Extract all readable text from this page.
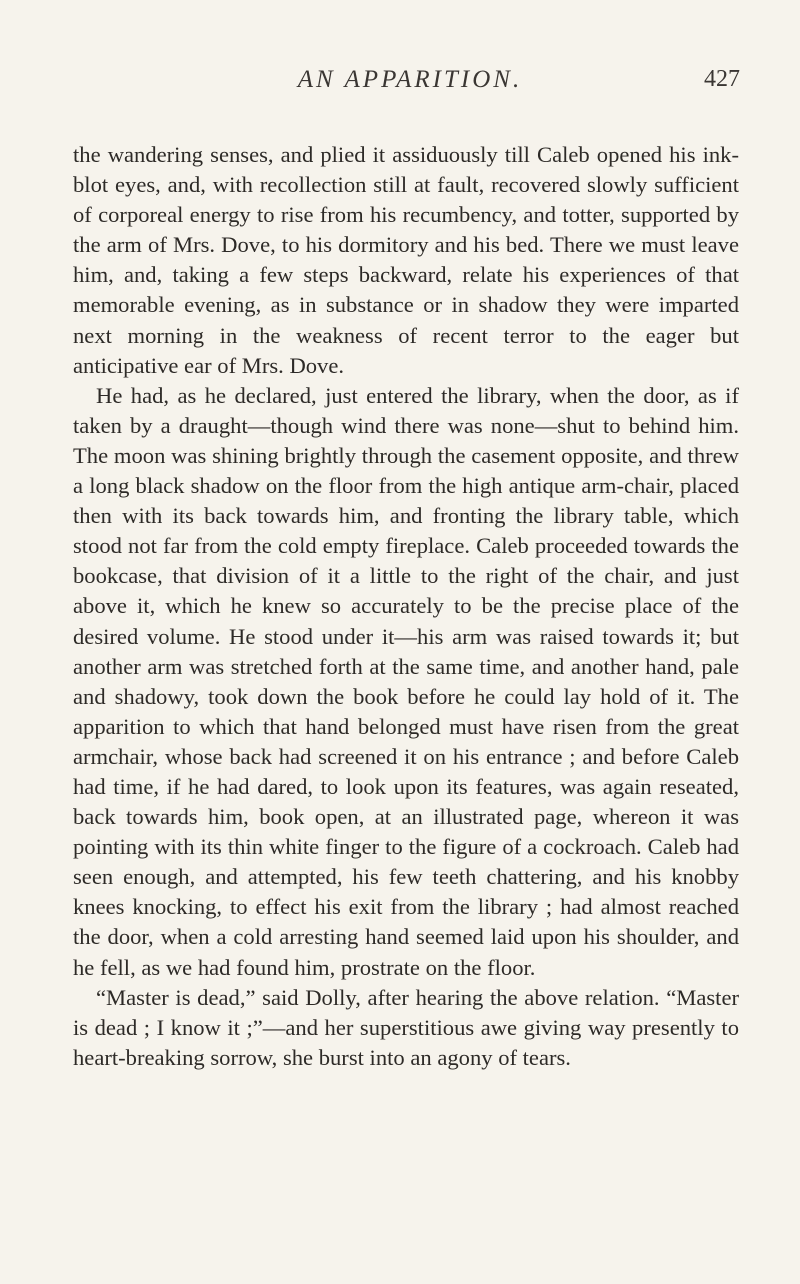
AN APPARITION.	427

the wandering senses, and plied it assiduously till Caleb opened his ink-blot eyes, and, with recollection still at fault, recovered slowly sufficient of corporeal energy to rise from his recumbency, and totter, supported by the arm of Mrs. Dove, to his dormitory and his bed. There we must leave him, and, taking a few steps backward, relate his experiences of that memorable evening, as in substance or in shadow they were imparted next morning in the weakness of recent terror to the eager but anticipative ear of Mrs. Dove.

He had, as he declared, just entered the library, when the door, as if taken by a draught—though wind there was none—shut to behind him. The moon was shining brightly through the casement opposite, and threw a long black shadow on the floor from the high antique arm-chair, placed then with its back towards him, and fronting the library table, which stood not far from the cold empty fireplace. Caleb proceeded towards the bookcase, that division of it a little to the right of the chair, and just above it, which he knew so accurately to be the precise place of the desired volume. He stood under it—his arm was raised towards it; but another arm was stretched forth at the same time, and another hand, pale and shadowy, took down the book before he could lay hold of it. The apparition to which that hand belonged must have risen from the great armchair, whose back had screened it on his entrance ; and before Caleb had time, if he had dared, to look upon its features, was again reseated, back towards him, book open, at an illustrated page, whereon it was pointing with its thin white finger to the figure of a cockroach. Caleb had seen enough, and attempted, his few teeth chattering, and his knobby knees knocking, to effect his exit from the library ; had almost reached the door, when a cold arresting hand seemed laid upon his shoulder, and he fell, as we had found him, prostrate on the floor.

“Master is dead,” said Dolly, after hearing the above relation. “Master is dead ; I know it ;”—and her superstitious awe giving way presently to heart-breaking sorrow, she burst into an agony of tears.
